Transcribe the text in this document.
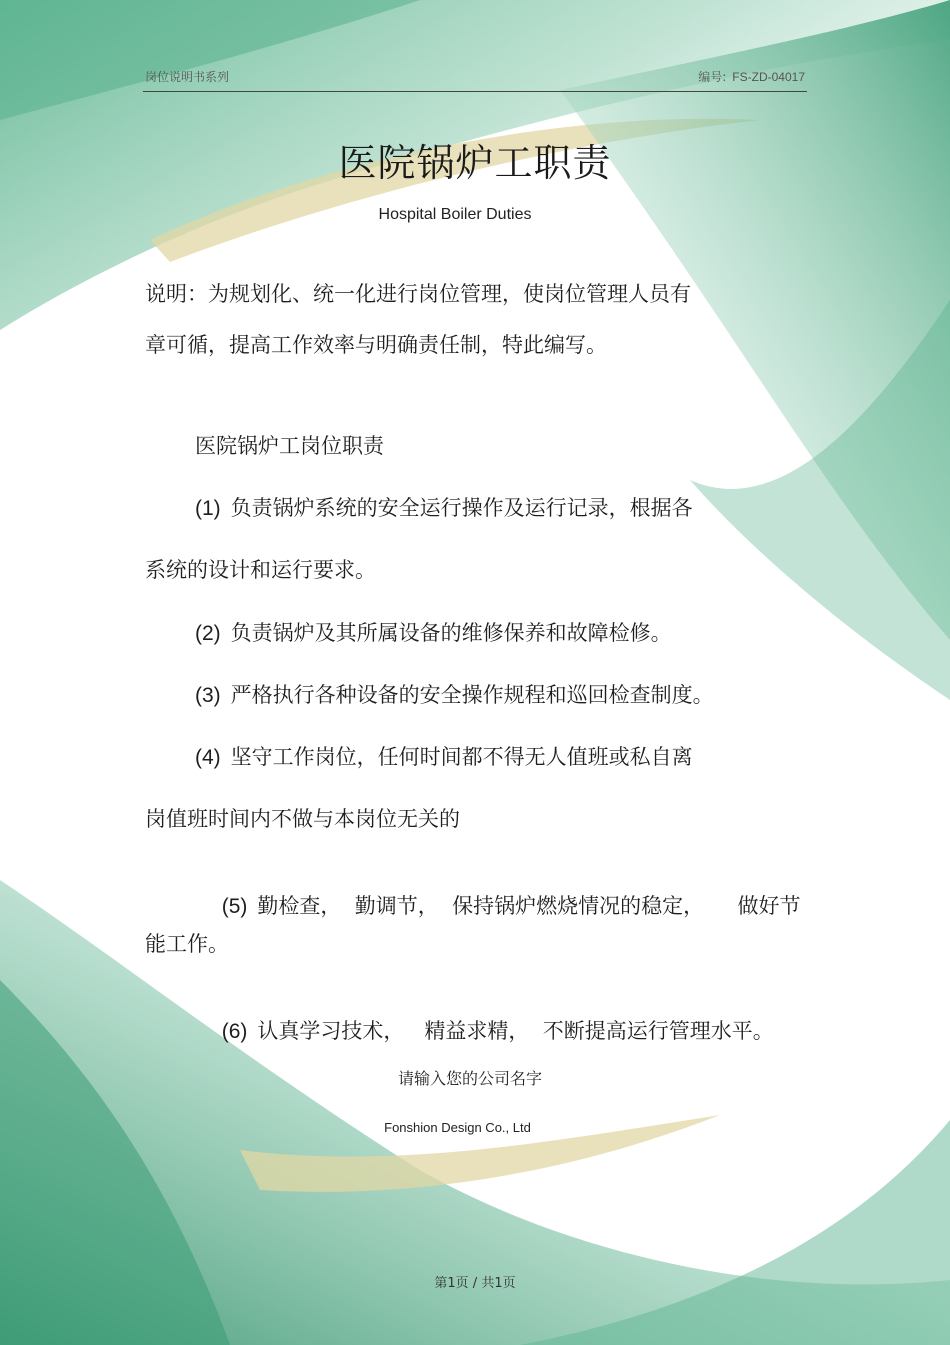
岗位说明书系列	编号: FS-ZD-04017
医院锅炉工职责
Hospital Boiler Duties
说明：为规划化、统一化进行岗位管理，使岗位管理人员有
章可循，提高工作效率与明确责任制，特此编写。
医院锅炉工岗位职责
(1) 负责锅炉系统的安全运行操作及运行记录，根据各
系统的设计和运行要求。
(2) 负责锅炉及其所属设备的维修保养和故障检修。
(3) 严格执行各种设备的安全操作规程和巡回检查制度。
(4) 坚守工作岗位，任何时间都不得无人值班或私自离
岗值班时间内不做与本岗位无关的

(5) 勤检查，  勤调节，  保持锅炉燃烧情况的稳定，     做好节

能工作。

(6) 认真学习技术，   精益求精，  不断提高运行管理水平。

请输入您的公司名字
Fonshion Design Co., Ltd
第1页 / 共1页
